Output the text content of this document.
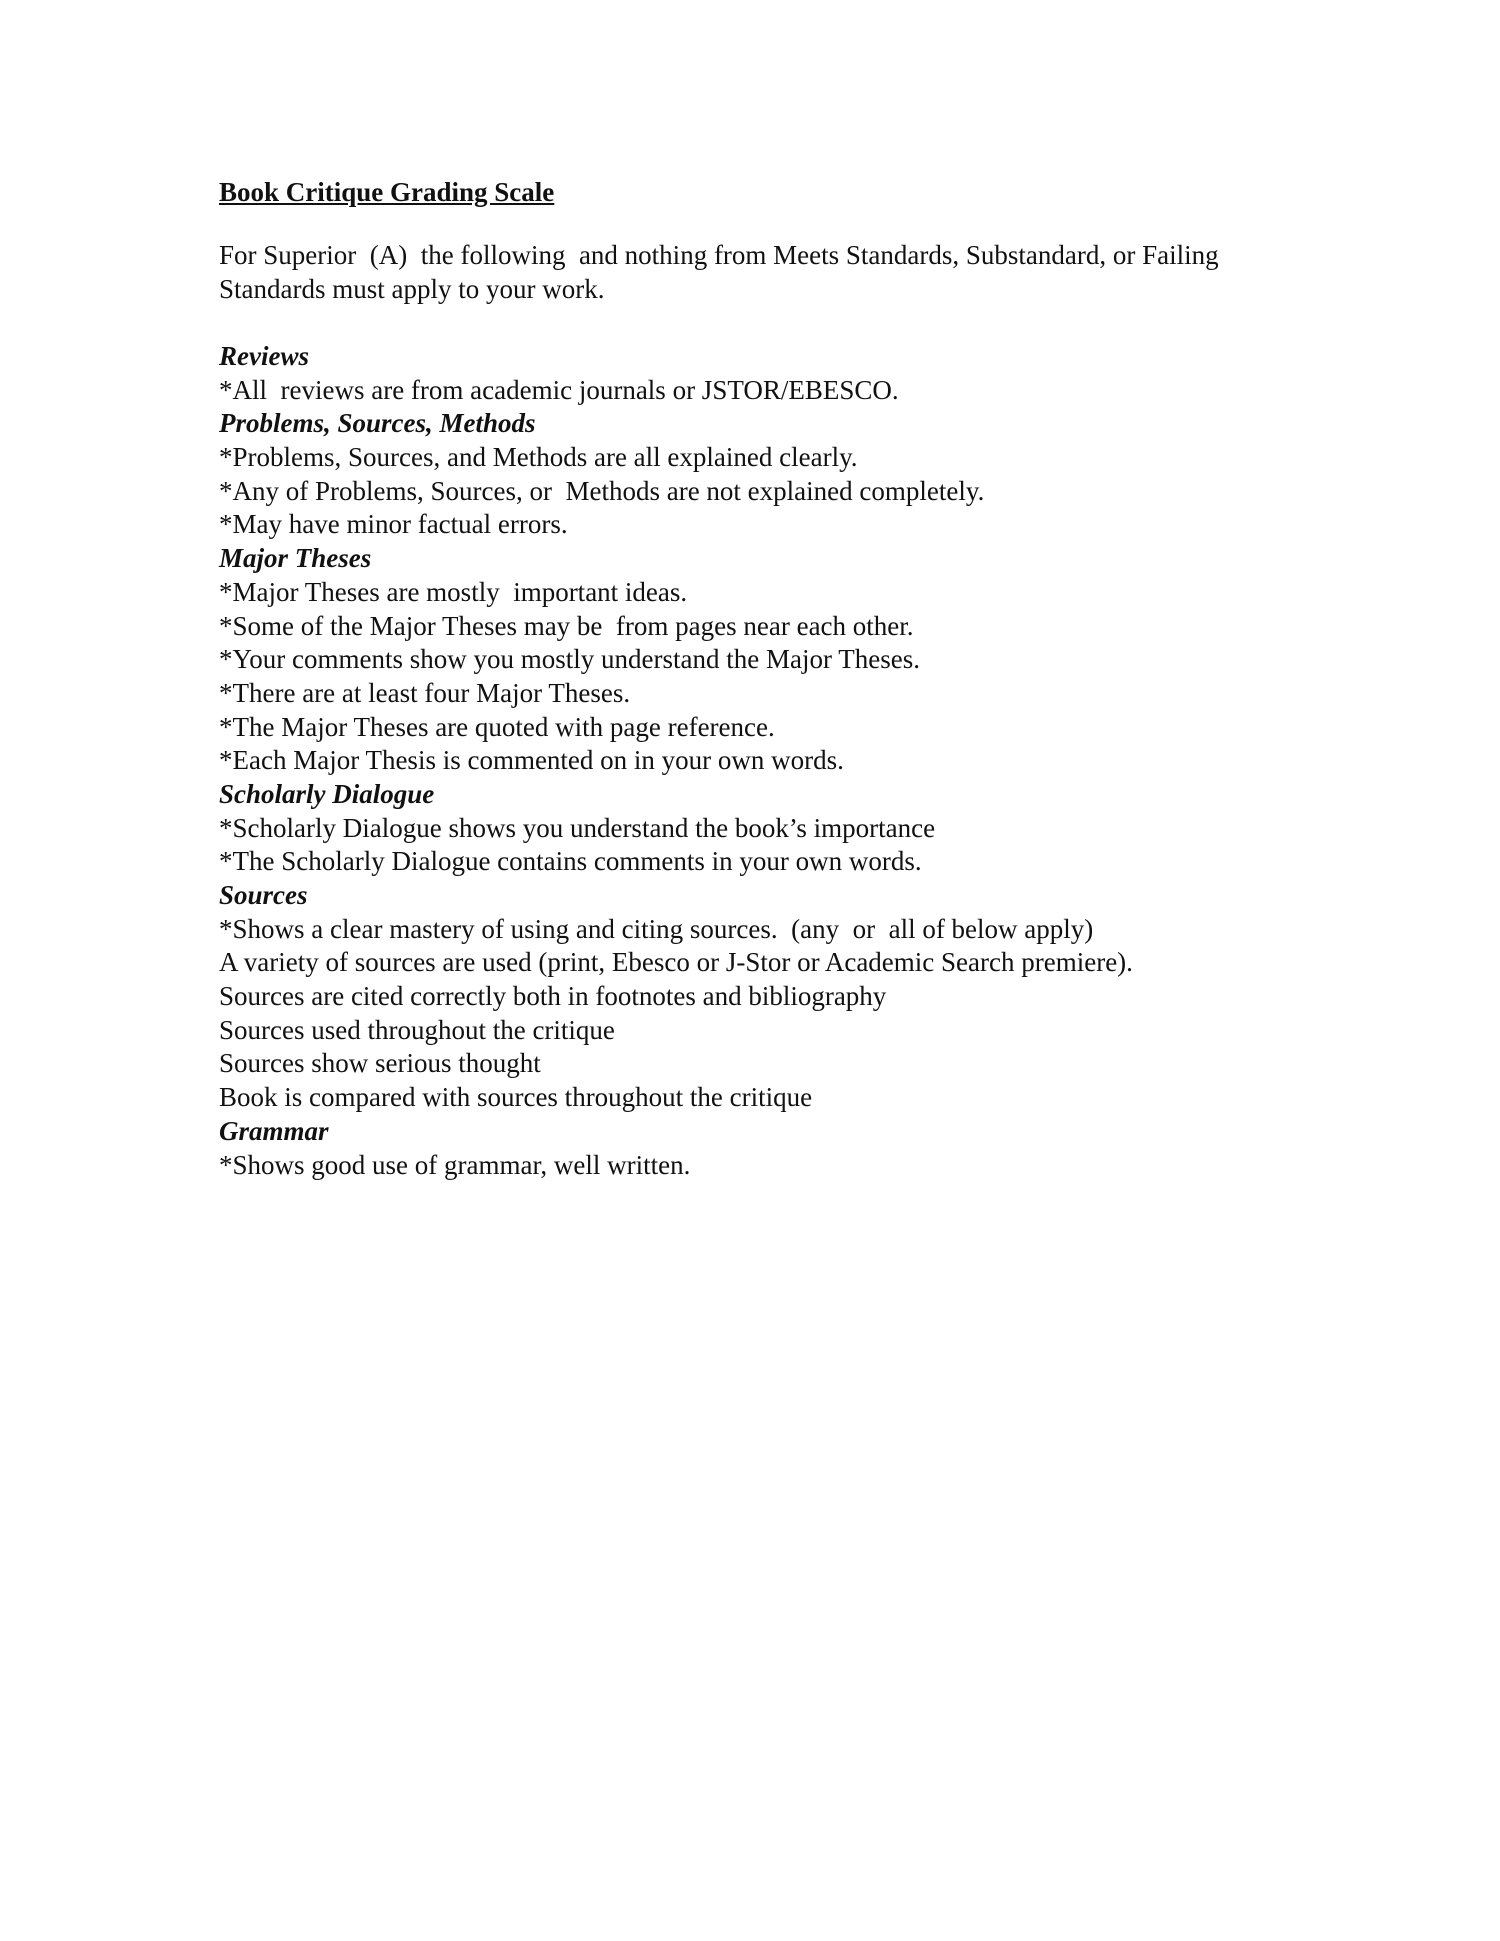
Book Critique Grading Scale
For Superior  (A)  the following  and nothing from Meets Standards, Substandard, or Failing
Standards must apply to your work.
Reviews
*All  reviews are from academic journals or JSTOR/EBESCO.
Problems, Sources, Methods
*Problems, Sources, and Methods are all explained clearly.
*Any of Problems, Sources, or  Methods are not explained completely.
*May have minor factual errors.
Major Theses
*Major Theses are mostly  important ideas.
*Some of the Major Theses may be  from pages near each other.
*Your comments show you mostly understand the Major Theses.
*There are at least four Major Theses.
*The Major Theses are quoted with page reference.
*Each Major Thesis is commented on in your own words.
Scholarly Dialogue
*Scholarly Dialogue shows you understand the book’s importance
*The Scholarly Dialogue contains comments in your own words.
Sources
*Shows a clear mastery of using and citing sources.  (any  or  all of below apply)
A variety of sources are used (print, Ebesco or J-Stor or Academic Search premiere).
Sources are cited correctly both in footnotes and bibliography
Sources used throughout the critique
Sources show serious thought
Book is compared with sources throughout the critique
Grammar
*Shows good use of grammar, well written.
